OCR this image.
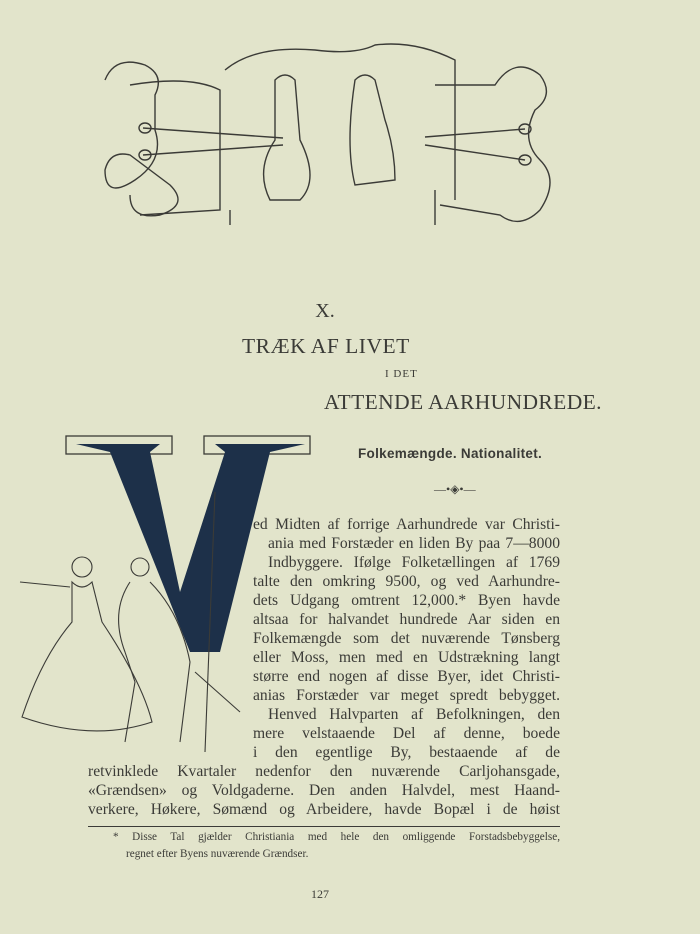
X.
TRÆK AF LIVET
I DET
ATTENDE AARHUNDREDE.
Folkemængde. Nationalitet.
—•◈•—
ed Midten af forrige Aarhundrede var Christi-
ania med Forstæder en liden By paa 7—8000
Indbyggere. Ifølge Folketællingen af 1769
talte den omkring 9500, og ved Aarhundre-
dets Udgang omtrent 12,000.* Byen havde
altsaa for halvandet hundrede Aar siden en
Folkemængde som det nuværende Tønsberg
eller Moss, men med en Udstrækning langt
større end nogen af disse Byer, idet Christi-
anias Forstæder var meget spredt bebygget.
Henved Halvparten af Befolkningen, den
mere velstaaende Del af denne, boede
i den egentlige By, bestaaende af de
retvinklede Kvartaler nedenfor den nuværende Carljohansgade,
«Grændsen» og Voldgaderne. Den anden Halvdel, mest Haand-
verkere, Høkere, Sømænd og Arbeidere, havde Bopæl i de høist
* Disse Tal gjælder Christiania med hele den omliggende Forstadsbebyggelse,
regnet efter Byens nuværende Grændser.
127
